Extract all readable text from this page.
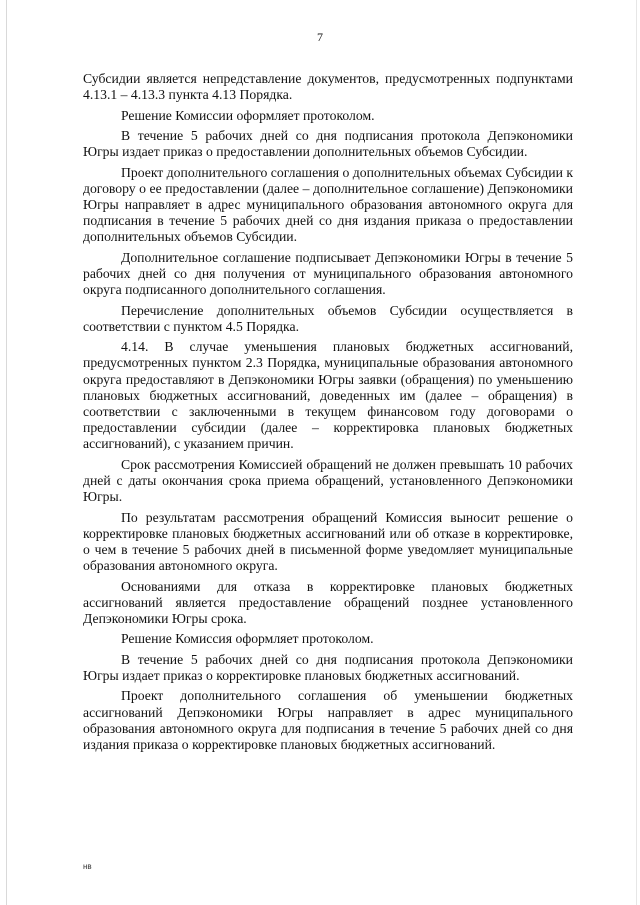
7

Субсидии является непредставление документов, предусмотренных подпунктами 4.13.1 – 4.13.3 пункта 4.13 Порядка.

Решение Комиссии оформляет протоколом.

В течение 5 рабочих дней со дня подписания протокола Депэкономики Югры издает приказ о предоставлении дополнительных объемов Субсидии.

Проект дополнительного соглашения о дополнительных объемах Субсидии к договору о ее предоставлении (далее – дополнительное соглашение) Депэкономики Югры направляет в адрес муниципального образования автономного округа для подписания в течение 5 рабочих дней со дня издания приказа о предоставлении дополнительных объемов Субсидии.

Дополнительное соглашение подписывает Депэкономики Югры в течение 5 рабочих дней со дня получения от муниципального образования автономного округа подписанного дополнительного соглашения.

Перечисление дополнительных объемов Субсидии осуществляется в соответствии с пунктом 4.5 Порядка.

4.14. В случае уменьшения плановых бюджетных ассигнований, предусмотренных пунктом 2.3 Порядка, муниципальные образования автономного округа предоставляют в Депэкономики Югры заявки (обращения) по уменьшению плановых бюджетных ассигнований, доведенных им (далее – обращения) в соответствии с заключенными в текущем финансовом году договорами о предоставлении субсидии (далее – корректировка плановых бюджетных ассигнований), с указанием причин.

Срок рассмотрения Комиссией обращений не должен превышать 10 рабочих дней с даты окончания срока приема обращений, установленного Депэкономики Югры.

По результатам рассмотрения обращений Комиссия выносит решение о корректировке плановых бюджетных ассигнований или об отказе в корректировке, о чем в течение 5 рабочих дней в письменной форме уведомляет муниципальные образования автономного округа.

Основаниями для отказа в корректировке плановых бюджетных ассигнований является предоставление обращений позднее установленного Депэкономики Югры срока.

Решение Комиссия оформляет протоколом.

В течение 5 рабочих дней со дня подписания протокола Депэкономики Югры издает приказ о корректировке плановых бюджетных ассигнований.

Проект дополнительного соглашения об уменьшении бюджетных ассигнований Депэкономики Югры направляет в адрес муниципального образования автономного округа для подписания в течение 5 рабочих дней со дня издания приказа о корректировке плановых бюджетных ассигнований.

нв
